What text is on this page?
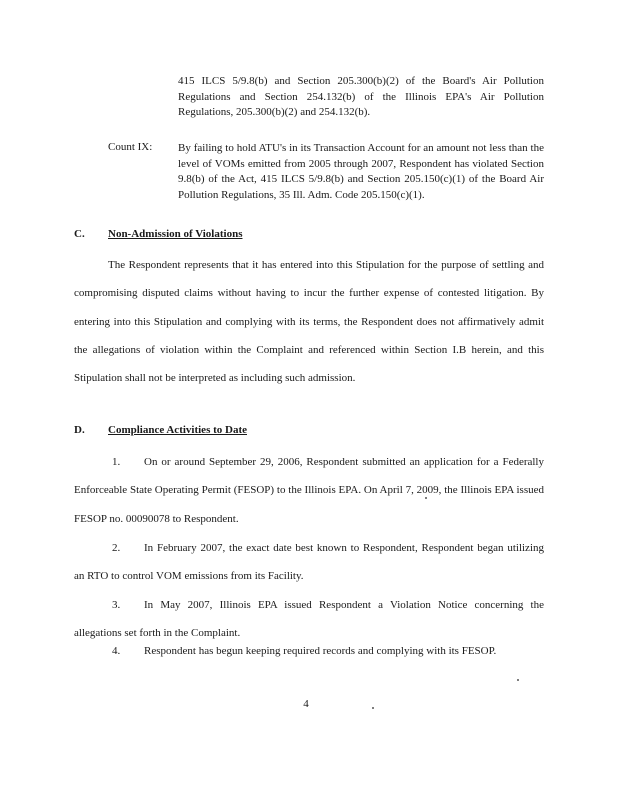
415 ILCS 5/9.8(b) and Section 205.300(b)(2) of the Board's Air Pollution Regulations and Section 254.132(b) of the Illinois EPA's Air Pollution Regulations, 205.300(b)(2) and 254.132(b).
Count IX: By failing to hold ATU's in its Transaction Account for an amount not less than the level of VOMs emitted from 2005 through 2007, Respondent has violated Section 9.8(b) of the Act, 415 ILCS 5/9.8(b) and Section 205.150(c)(1) of the Board Air Pollution Regulations, 35 Ill. Adm. Code 205.150(c)(1).
C. Non-Admission of Violations
The Respondent represents that it has entered into this Stipulation for the purpose of settling and compromising disputed claims without having to incur the further expense of contested litigation. By entering into this Stipulation and complying with its terms, the Respondent does not affirmatively admit the allegations of violation within the Complaint and referenced within Section I.B herein, and this Stipulation shall not be interpreted as including such admission.
D. Compliance Activities to Date
1. On or around September 29, 2006, Respondent submitted an application for a Federally Enforceable State Operating Permit (FESOP) to the Illinois EPA. On April 7, 2009, the Illinois EPA issued FESOP no. 00090078 to Respondent.
2. In February 2007, the exact date best known to Respondent, Respondent began utilizing an RTO to control VOM emissions from its Facility.
3. In May 2007, Illinois EPA issued Respondent a Violation Notice concerning the allegations set forth in the Complaint.
4. Respondent has begun keeping required records and complying with its FESOP.
4
